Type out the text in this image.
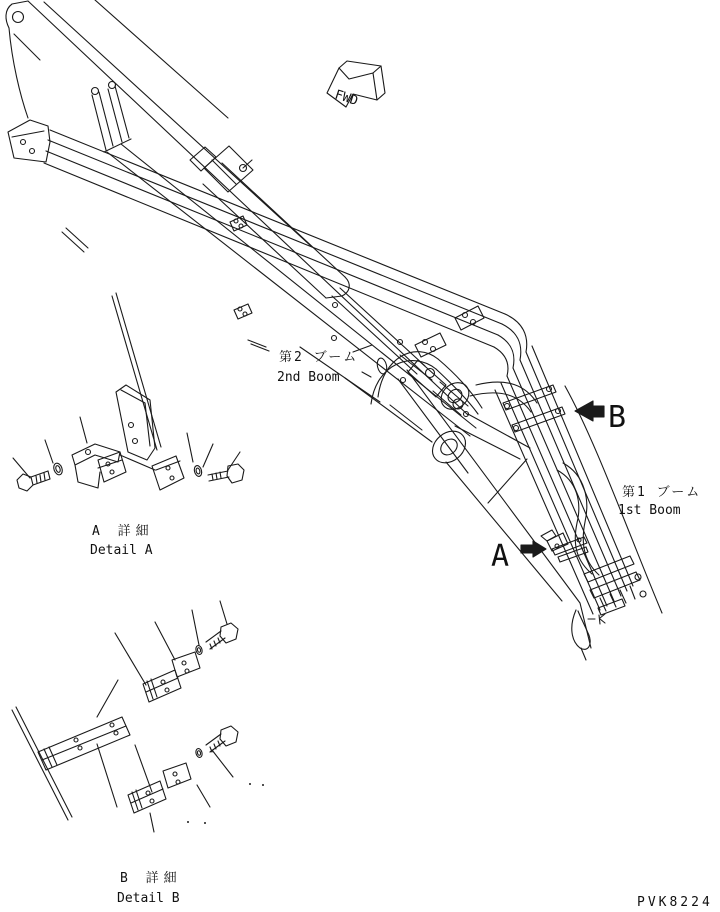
FWD
B
A
A 詳細
Detail A
B 詳細
Detail B
第2 ブーム
2nd Boom
第1 ブーム
1st Boom
PVK8224
